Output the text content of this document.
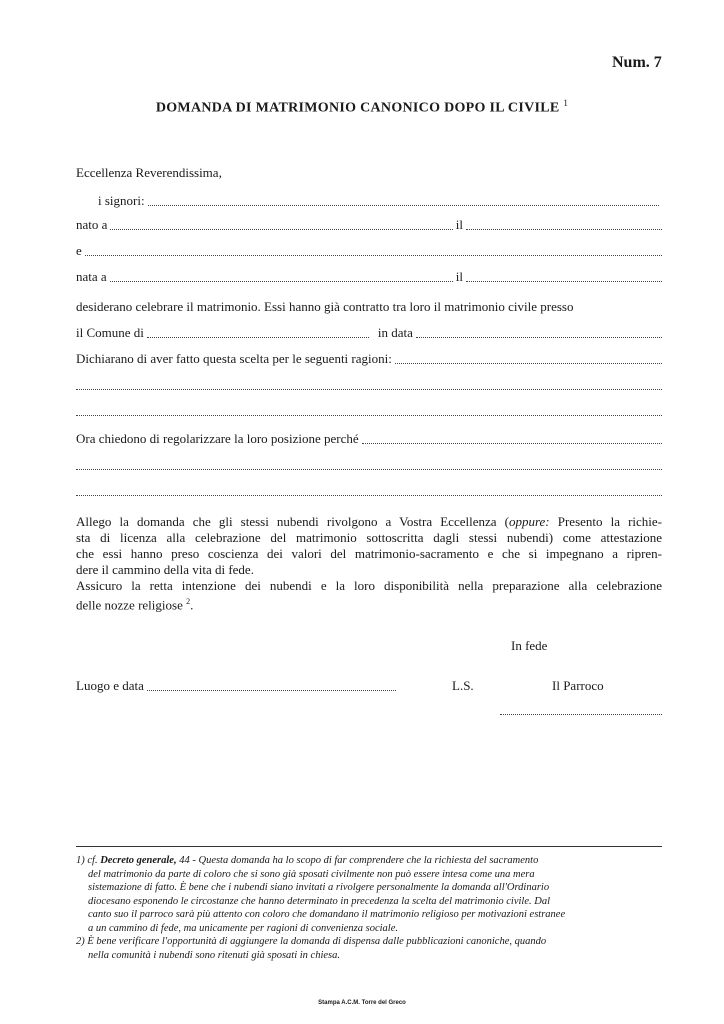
Num. 7
DOMANDA DI MATRIMONIO CANONICO DOPO IL CIVILE $^1$
Eccellenza Reverendissima,
i signori:
nato a	il
e
nata a	il
desiderano celebrare il matrimonio. Essi hanno già contratto tra loro il matrimonio civile presso
il Comune di	in data
Dichiarano di aver fatto questa scelta per le seguenti ragioni:
Ora chiedono di regolarizzare la loro posizione perché
Allego la domanda che gli stessi nubendi rivolgono a Vostra Eccellenza (oppure: Presento la richie-
sta di licenza alla celebrazione del matrimonio sottoscritta dagli stessi nubendi) come attestazione
che essi hanno preso coscienza dei valori del matrimonio-sacramento e che si impegnano a ripren-
dere il cammino della vita di fede.
Assicuro la retta intenzione dei nubendi e la loro disponibilità nella preparazione alla celebrazione
delle nozze religiose $^2$.
In fede
Luogo e data	L.S.	Il Parroco
1) cf. Decreto generale, 44 - Questa domanda ha lo scopo di far comprendere che la richiesta del sacramento
del matrimonio da parte di coloro che si sono già sposati civilmente non può essere intesa come una mera
sistemazione di fatto. È bene che i nubendi siano invitati a rivolgere personalmente la domanda all'Ordinario
diocesano esponendo le circostanze che hanno determinato in precedenza la scelta del matrimonio civile. Dal
canto suo il parroco sarà più attento con coloro che domandano il matrimonio religioso per motivazioni estranee
a un cammino di fede, ma unicamente per ragioni di convenienza sociale.
2) È bene verificare l'opportunità di aggiungere la domanda di dispensa dalle pubblicazioni canoniche, quando
nella comunità i nubendi sono ritenuti già sposati in chiesa.
Stampa A.C.M. Torre del Greco
